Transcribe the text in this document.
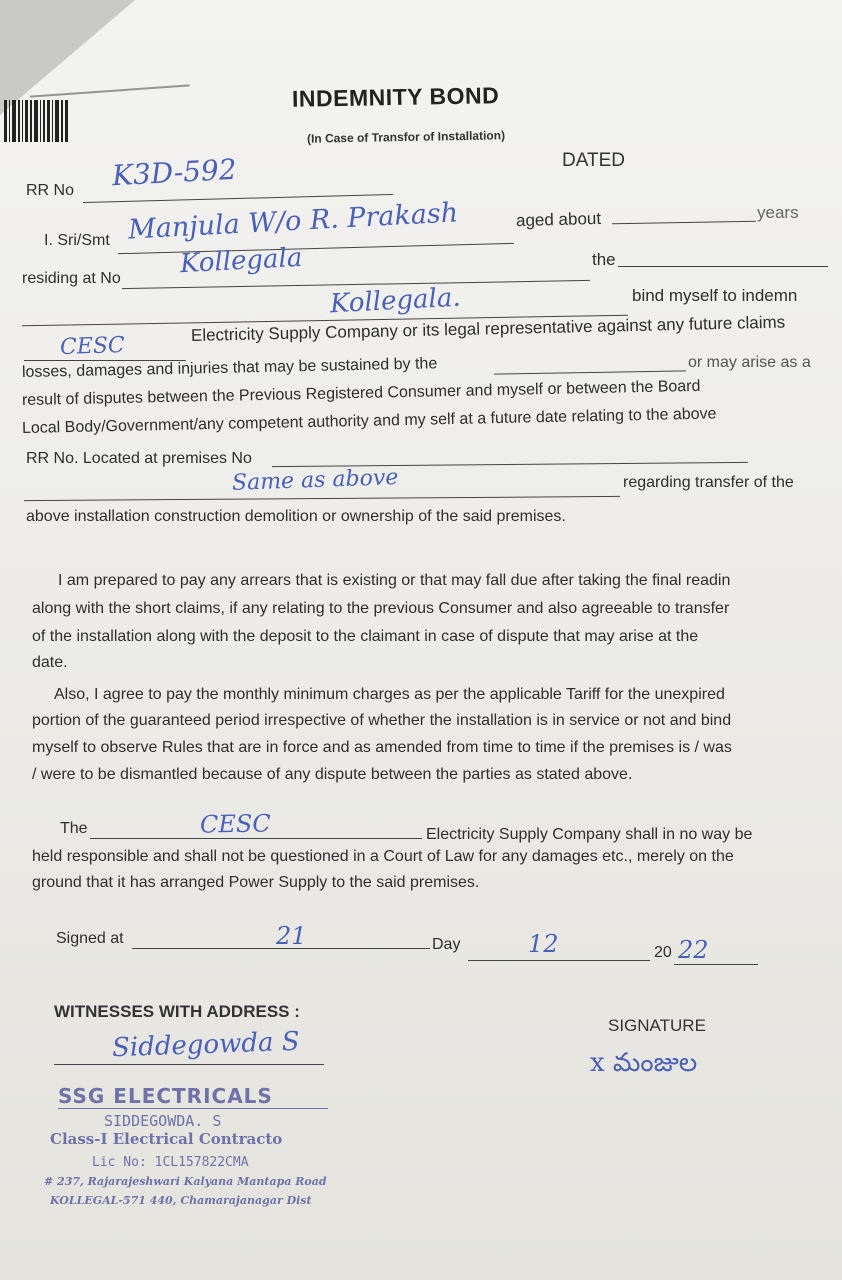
INDEMNITY BOND
(In Case of Transfor of Installation)
DATED
RR No K3D-592
I. Sri/Smt Manjula W/o R. Prakash	aged about	years
residing at No Kollegala	the
Kollegala.	bind myself to indemn
CESC
Electricity Supply Company or its legal representative against any future claims
losses, damages and injuries that may be sustained by the	or may arise as a
result of disputes between the Previous Registered Consumer and myself or between the Board
Local Body/Government/any competent authority and my self at a future date relating to the above
RR No. Located at premises No
Same as above	regarding transfer of the
above installation construction demolition or ownership of the said premises.
I am prepared to pay any arrears that is existing or that may fall due after taking the final readin
along with the short claims, if any relating to the previous Consumer and also agreeable to transfer
of the installation along with the deposit to the claimant in case of dispute that may arise at the
date.
Also, I agree to pay the monthly minimum charges as per the applicable Tariff for the unexpired
portion of the guaranteed period irrespective of whether the installation is in service or not and bind
myself to observe Rules that are in force and as amended from time to time if the premises is / was
/ were to be dismantled because of any dispute between the parties as stated above.
The	CESC	Electricity Supply Company shall in no way be
held responsible and shall not be questioned in a Court of Law for any damages etc., merely on the
ground that it has arranged Power Supply to the said premises.
Signed at	21	Day	12	20 22
WITNESSES WITH ADDRESS :
SIGNATURE
Siddegowda S	x మంజుల
SSG ELECTRICALS
SIDDEGOWDA. S
Class-I Electrical Contracto
Lic No: 1CL157822CMA
# 237, Rajarajeshwari Kalyana Mantapa Road
KOLLEGAL-571 440, Chamarajanagar Dist
